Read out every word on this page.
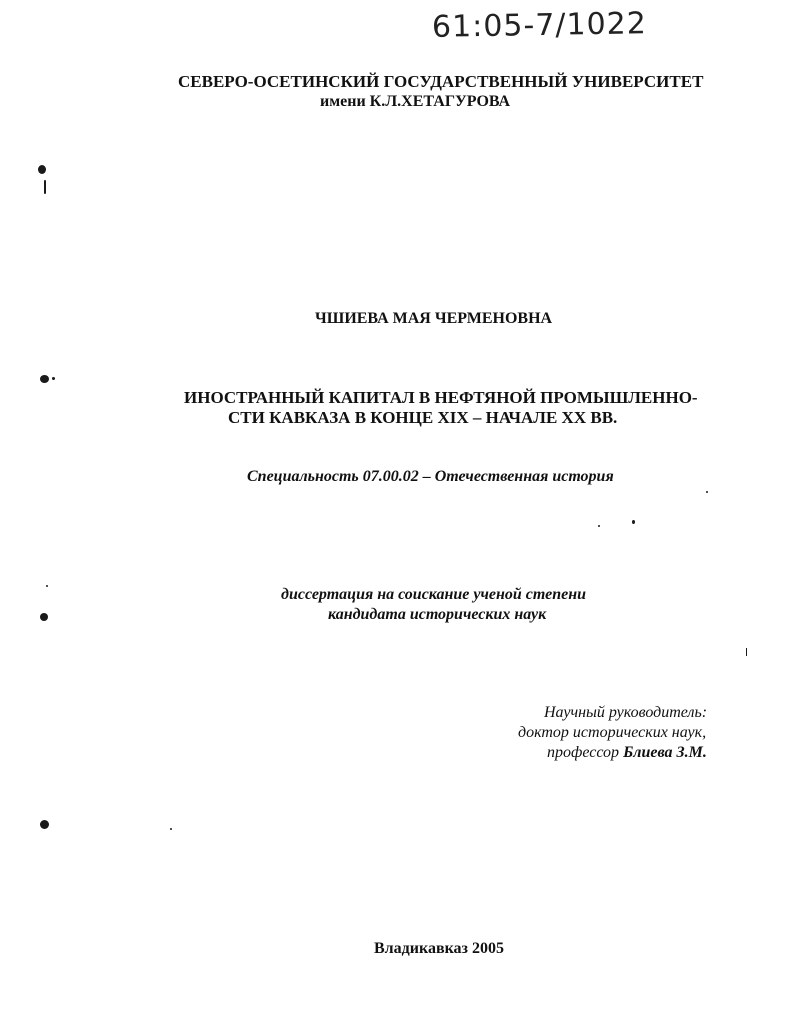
61:05-7/1022
СЕВЕРО-ОСЕТИНСКИЙ ГОСУДАРСТВЕННЫЙ УНИВЕРСИТЕТ
имени К.Л.ХЕТАГУРОВА
ЧШИЕВА МАЯ ЧЕРМЕНОВНА
ИНОСТРАННЫЙ КАПИТАЛ В НЕФТЯНОЙ ПРОМЫШЛЕННО-
СТИ КАВКАЗА В КОНЦЕ XIX – НАЧАЛЕ XX ВВ.
Специальность 07.00.02 – Отечественная история
диссертация на соискание ученой степени
кандидата исторических наук
Научный руководитель:
доктор исторических наук,
профессор Блиева З.М.
Владикавказ 2005
